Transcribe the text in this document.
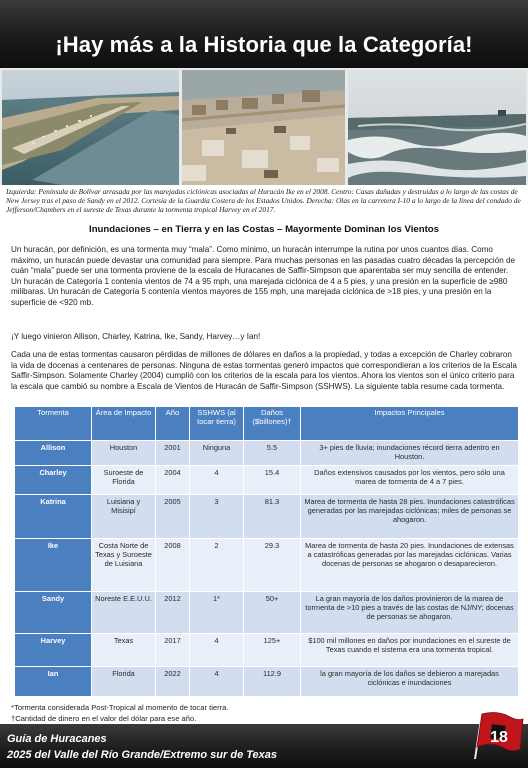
¡Hay más a la Historia que la Categoría!
Izquierda: Península de Bolívar arrasada por las marejadas ciclónicas asociadas al Huracán Ike en el 2008. Centro: Casas dañadas y destruidas a lo largo de las costas de New Jersey tras el paso de Sandy en el 2012. Cortesía de la Guardia Costera de los Estados Unidos. Derecha: Olas en la carretera I-10 a lo largo de la línea del condado de Jefferson/Chambers en el sureste de Texas durante la tormenta tropical Harvey en el 2017.
Inundaciones – en Tierra y en las Costas – Mayormente Dominan los Vientos
Un huracán, por definición, es una tormenta muy “mala”. Como mínimo, un huracán interrumpe la rutina por unos cuantos días. Como máximo, un huracán puede devastar una comunidad para siempre. Para muchas personas en las pasadas cuatro décadas la percepción de cuán “mala” puede ser una tormenta proviene de la escala de Huracanes de Saffir-Simpson que aparentaba ser muy sencilla de entender. Un huracán de Categoría 1 contenía vientos de 74 a 95 mph, una marejada ciclónica de 4 a 5 pies, y una presión en la superficie de ≥980 milibaras. Un huracán de Categoría 5 contenía vientos mayores de 155 mph, una marejada ciclónica de >18 pies, y una presión en la superficie de <920 mb.
¡Y luego vinieron Allison, Charley, Katrina, Ike, Sandy, Harvey…y Ian!
Cada una de estas tormentas causaron pérdidas de millones de dólares en daños a la propiedad, y todas a excepción de Charley cobraron la vida de docenas a centenares de personas. Ninguna de estas tormentas generó impactos que correspondieran a los criterios de la Escala Saffir-Simpson. Solamente Charley (2004) cumplió con los criterios de la escala para los vientos. Ahora los vientos son el único criterio para la escala que cambió su nombre a Escala de Vientos de Huracán de Saffir-Simpson (SSHWS). La siguiente tabla resume cada tormenta.
Tormenta	Área de Impacto	Año	SSHWS (al tocar tierra)	Daños ($billones)†	Impactos Principales
Allison	Houston	2001	Ninguna	5.5	3+ pies de lluvia; inundaciones récord tierra adentro en Houston.
Charley	Suroeste de Florida	2004	4	15.4	Daños extensivos causados por los vientos, pero sólo una marea de tormenta de 4 a 7 pies.
Katrina	Luisiana y Misisipí	2005	3	81.3	Marea de tormenta de hasta 28 pies. Inundaciones catastróficas generadas por las marejadas ciclónicas; miles de personas se ahogaron.
Ike	Costa Norte de Texas y Suroeste de Luisiana	2008	2	29.3	Marea de tormenta de hasta 20 pies. Inundaciones de extensas a catastróficas generadas por las marejadas ciclónicas. Varias docenas de personas se ahogaron o desaparecieron.
Sandy	Noreste E.E.U.U.	2012	1*	50+	La gran mayoría de los daños provinieron de la marea de tormenta de >10 pies a través de las costas de NJ/NY; docenas de personas se ahogaron.
Harvey	Texas	2017	4	125+	$100 mil millones en daños por inundaciones en el sureste de Texas cuando el sistema era una tormenta tropical.
Ian	Florida	2022	4	112.9	la gran mayoría de los daños se debieron a marejadas ciclónicas e inundaciones
*Tormenta considerada Post-Tropical al momento de tocar tierra.
†Cantidad de dinero en el valor del dólar para ese año.
Guía de Huracanes
2025 del Valle del Río Grande/Extremo sur de Texas
18
